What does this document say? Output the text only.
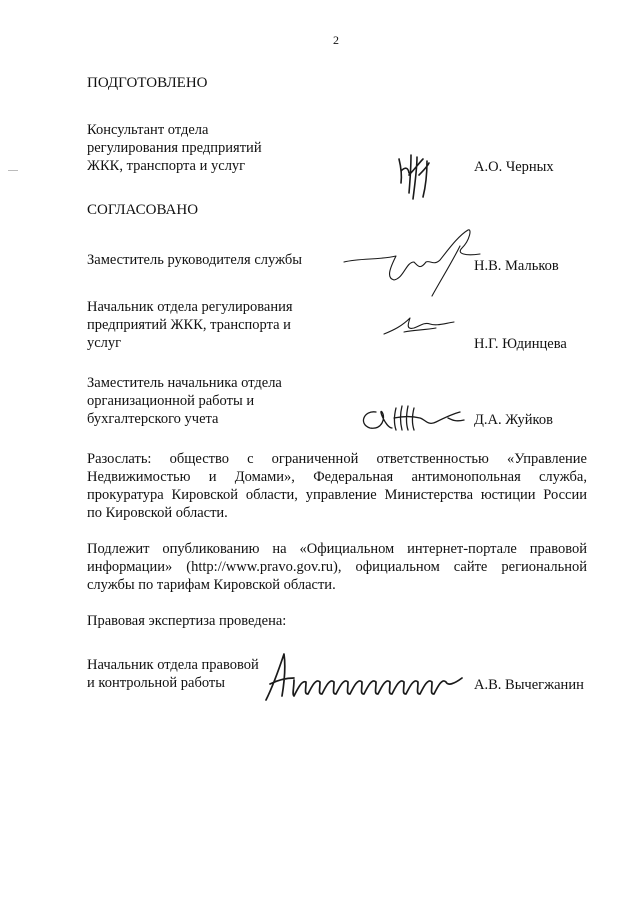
2
ПОДГОТОВЛЕНО
Консультант отдела
регулирования предприятий
ЖКК, транспорта и услуг	А.О. Черных
СОГЛАСОВАНО
Заместитель руководителя службы	Н.В. Мальков
Начальник отдела регулирования
предприятий ЖКК, транспорта и
услуг	Н.Г. Юдинцева
Заместитель начальника отдела
организационной работы и
бухгалтерского учета	Д.А. Жуйков
Разослать: общество с ограниченной ответственностью «Управление
Недвижимостью и Домами», Федеральная антимонопольная служба,
прокуратура Кировской области, управление Министерства юстиции России
по Кировской области.
Подлежит опубликованию на «Официальном интернет-портале правовой
информации» (http://www.pravo.gov.ru), официальном сайте региональной
службы по тарифам Кировской области.
Правовая экспертиза проведена:
Начальник отдела правовой
и контрольной работы	А.В. Вычегжанин
